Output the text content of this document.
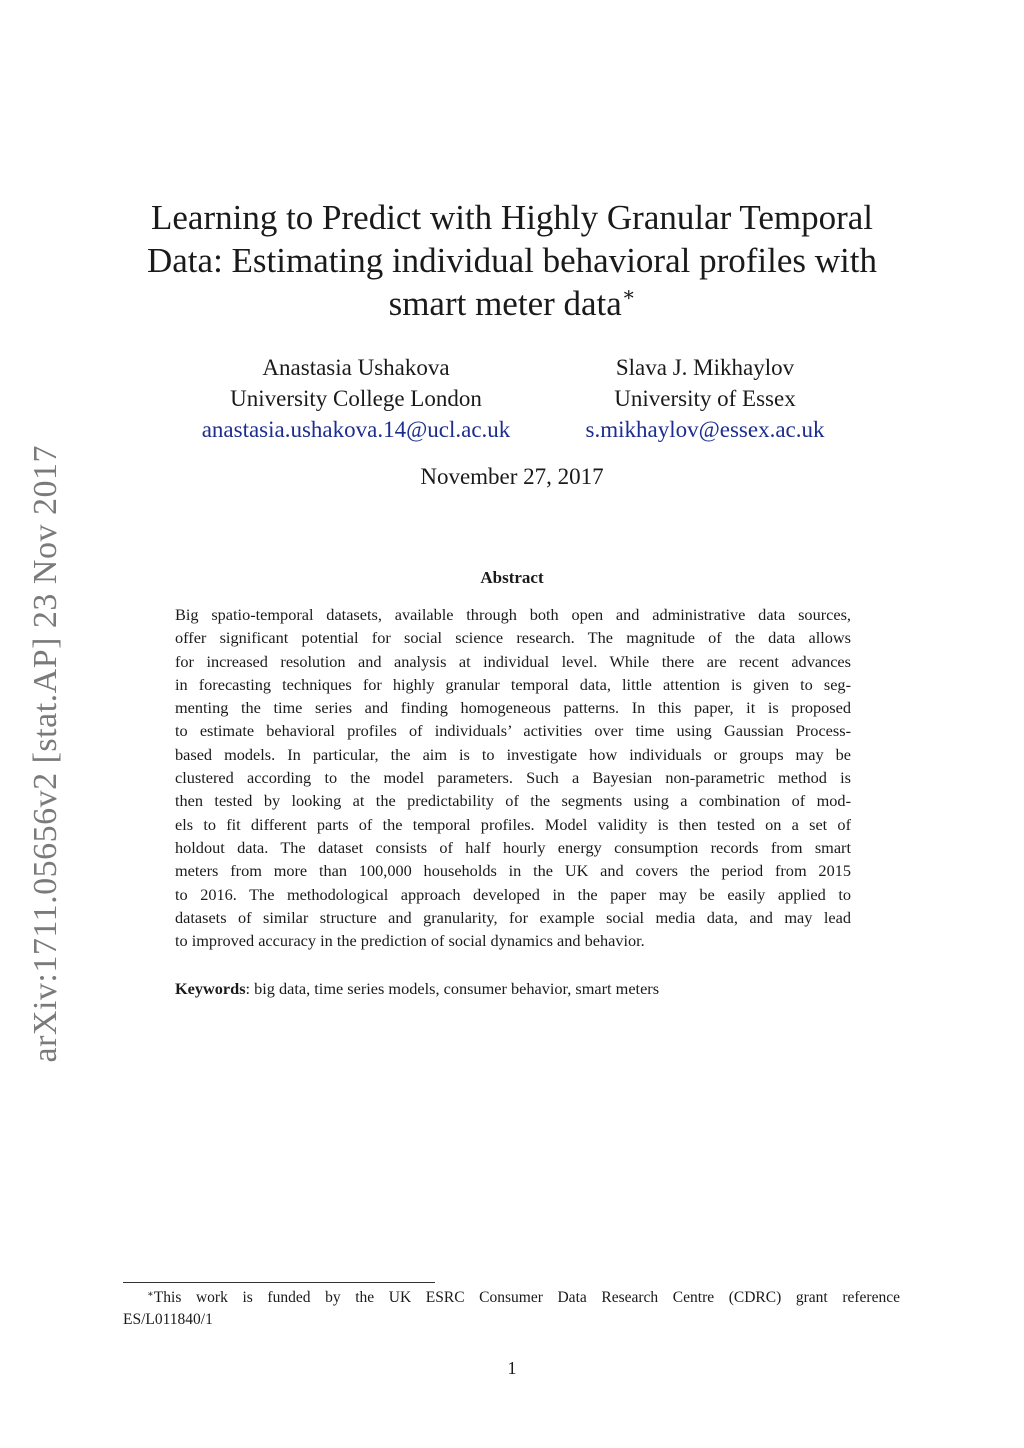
arXiv:1711.05656v2 [stat.AP] 23 Nov 2017
Learning to Predict with Highly Granular Temporal
Data: Estimating individual behavioral profiles with
smart meter data∗
Anastasia Ushakova
University College London
anastasia.ushakova.14@ucl.ac.uk
Slava J. Mikhaylov
University of Essex
s.mikhaylov@essex.ac.uk
November 27, 2017
Abstract
Big spatio-temporal datasets, available through both open and administrative data sources,
offer significant potential for social science research. The magnitude of the data allows
for increased resolution and analysis at individual level. While there are recent advances
in forecasting techniques for highly granular temporal data, little attention is given to seg-
menting the time series and finding homogeneous patterns. In this paper, it is proposed
to estimate behavioral profiles of individuals’ activities over time using Gaussian Process-
based models. In particular, the aim is to investigate how individuals or groups may be
clustered according to the model parameters. Such a Bayesian non-parametric method is
then tested by looking at the predictability of the segments using a combination of mod-
els to fit different parts of the temporal profiles. Model validity is then tested on a set of
holdout data. The dataset consists of half hourly energy consumption records from smart
meters from more than 100,000 households in the UK and covers the period from 2015
to 2016. The methodological approach developed in the paper may be easily applied to
datasets of similar structure and granularity, for example social media data, and may lead
to improved accuracy in the prediction of social dynamics and behavior.
Keywords: big data, time series models, consumer behavior, smart meters
∗This work is funded by the UK ESRC Consumer Data Research Centre (CDRC) grant reference
ES/L011840/1
1
